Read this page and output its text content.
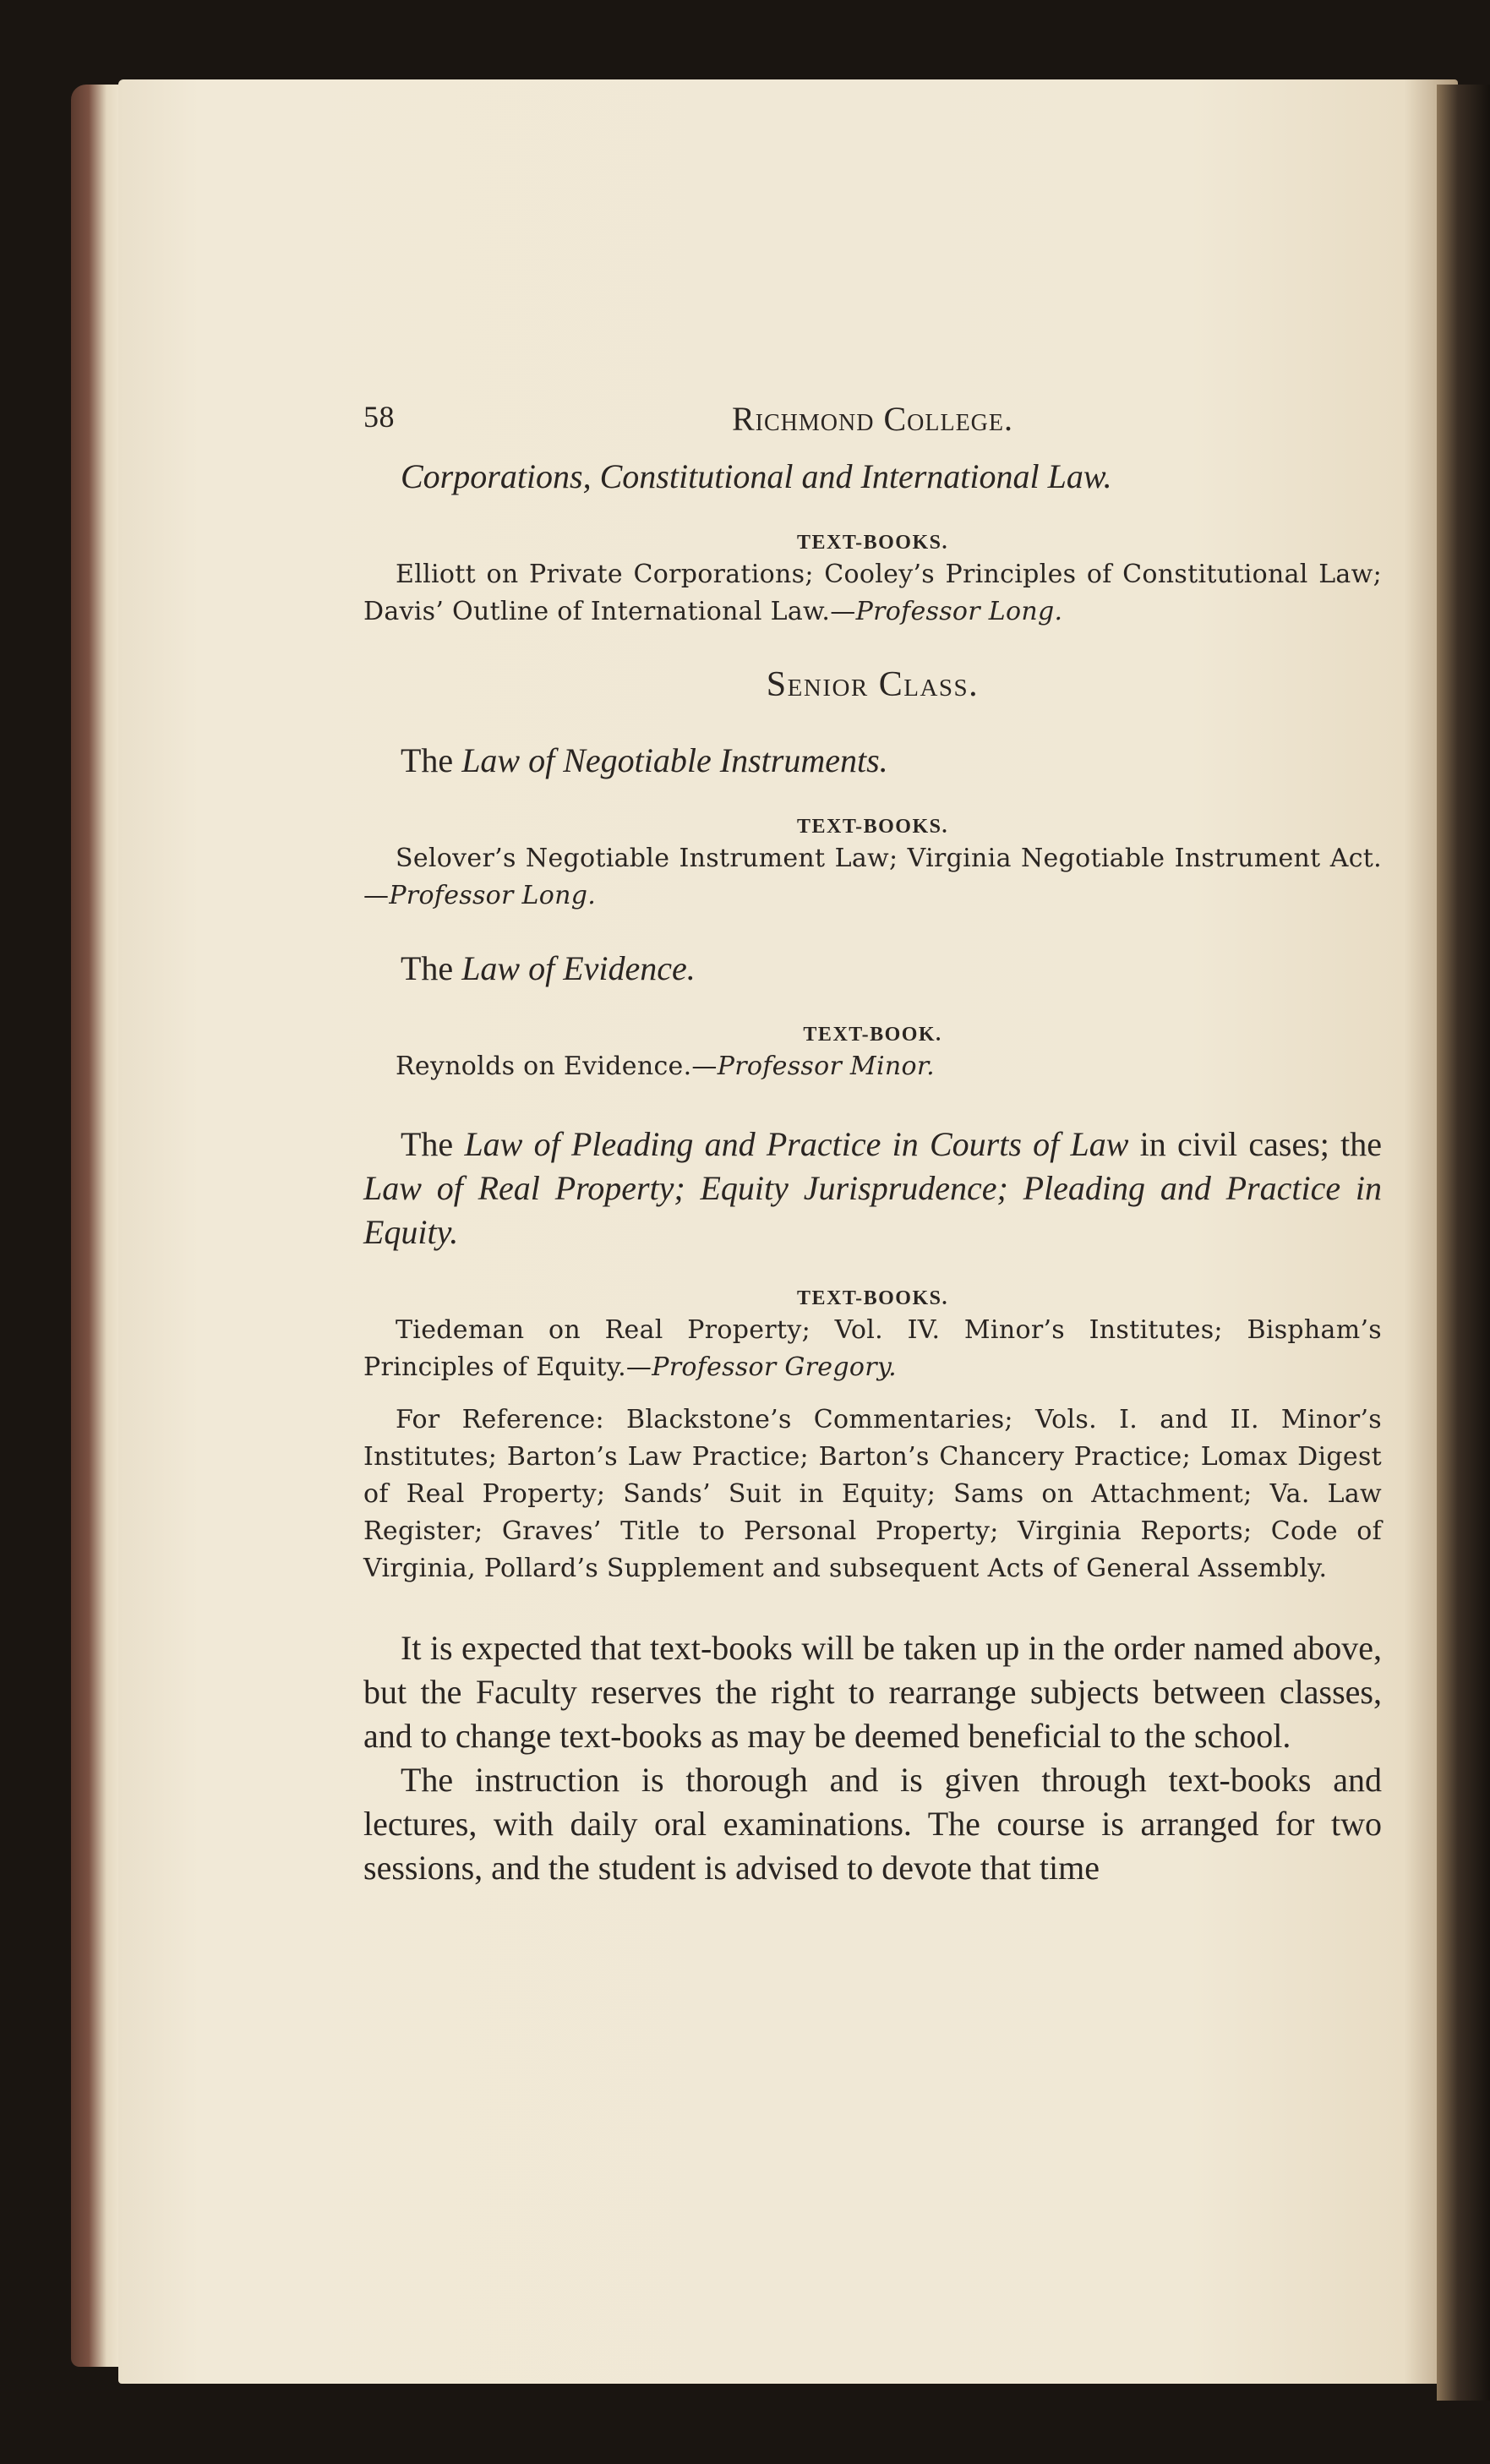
58	Richmond College.
Corporations, Constitutional and International Law.
TEXT-BOOKS.
Elliott on Private Corporations; Cooley’s Principles of Constitutional Law; Davis’ Outline of International Law.—Professor Long.
Senior Class.
The Law of Negotiable Instruments.
TEXT-BOOKS.
Selover’s Negotiable Instrument Law; Virginia Negotiable Instrument Act.—Professor Long.
The Law of Evidence.
TEXT-BOOK.
Reynolds on Evidence.—Professor Minor.
The Law of Pleading and Practice in Courts of Law in civil cases; the Law of Real Property; Equity Jurisprudence; Pleading and Practice in Equity.
TEXT-BOOKS.
Tiedeman on Real Property; Vol. IV. Minor’s Institutes; Bispham’s Principles of Equity.—Professor Gregory.
For Reference: Blackstone’s Commentaries; Vols. I. and II. Minor’s Institutes; Barton’s Law Practice; Barton’s Chancery Practice; Lomax Digest of Real Property; Sands’ Suit in Equity; Sams on Attachment; Va. Law Register; Graves’ Title to Personal Property; Virginia Reports; Code of Virginia, Pollard’s Supplement and subsequent Acts of General Assembly.
It is expected that text-books will be taken up in the order named above, but the Faculty reserves the right to rearrange subjects between classes, and to change text-books as may be deemed beneficial to the school.
The instruction is thorough and is given through text-books and lectures, with daily oral examinations. The course is arranged for two sessions, and the student is advised to devote that time
